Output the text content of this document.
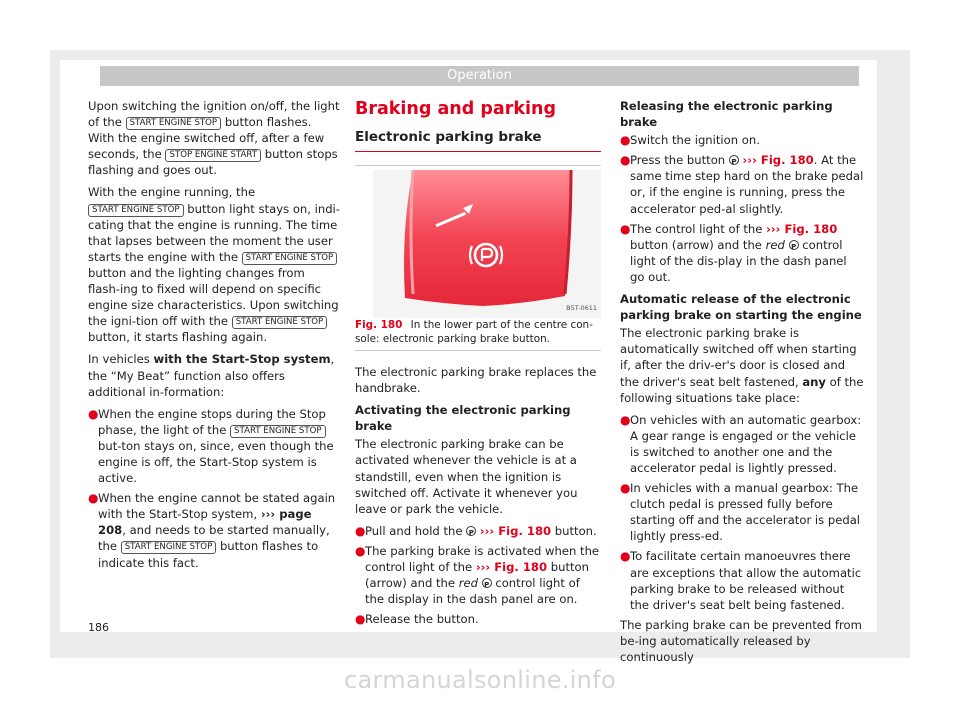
Operation

Upon switching the ignition on/off, the light of the START ENGINE STOP button flashes. With the engine switched off, after a few seconds, the STOP ENGINE START button stops flashing and goes out.

With the engine running, the START ENGINE STOP button light stays on, indi-cating that the engine is running. The time that lapses between the moment the user starts the engine with the START ENGINE STOP button and the lighting changes from flash-ing to fixed will depend on specific engine size characteristics. Upon switching the igni-tion off with the START ENGINE STOP button, it starts flashing again.

In vehicles with the Start-Stop system, the “My Beat” function also offers additional in-formation:

● When the engine stops during the Stop phase, the light of the START ENGINE STOP but-ton stays on, since, even though the engine is off, the Start-Stop system is active.
● When the engine cannot be stated again with the Start-Stop system, ››› page 208, and needs to be started manually, the START ENGINE STOP button flashes to indicate this fact.
Braking and parking
Electronic parking brake
B5T-0611
Fig. 180 In the lower part of the centre con-sole: electronic parking brake button.

The electronic parking brake replaces the handbrake.

Activating the electronic parking brake

The electronic parking brake can be activated whenever the vehicle is at a standstill, even when the ignition is switched off. Activate it whenever you leave or park the vehicle.

● Pull and hold the P ››› Fig. 180 button.
● The parking brake is activated when the control light of the ››› Fig. 180 button (arrow) and the red P control light of the display in the dash panel are on.
● Release the button.
Releasing the electronic parking brake
● Switch the ignition on.
● Press the button P ››› Fig. 180. At the same time step hard on the brake pedal or, if the engine is running, press the accelerator ped-al slightly.
● The control light of the ››› Fig. 180 button (arrow) and the red P control light of the dis-play in the dash panel go out.
Automatic release of the electronic parking brake on starting the engine

The electronic parking brake is automatically switched off when starting if, after the driv-er's door is closed and the driver's seat belt fastened, any of the following situations take place:

● On vehicles with an automatic gearbox: A gear range is engaged or the vehicle is switched to another one and the accelerator pedal is lightly pressed.
● In vehicles with a manual gearbox: The clutch pedal is pressed fully before starting off and the accelerator is pedal lightly press-ed.
● To facilitate certain manoeuvres there are exceptions that allow the automatic parking brake to be released without the driver's seat belt being fastened.

The parking brake can be prevented from be-ing automatically released by continuously

186
carmanualsonline.info
